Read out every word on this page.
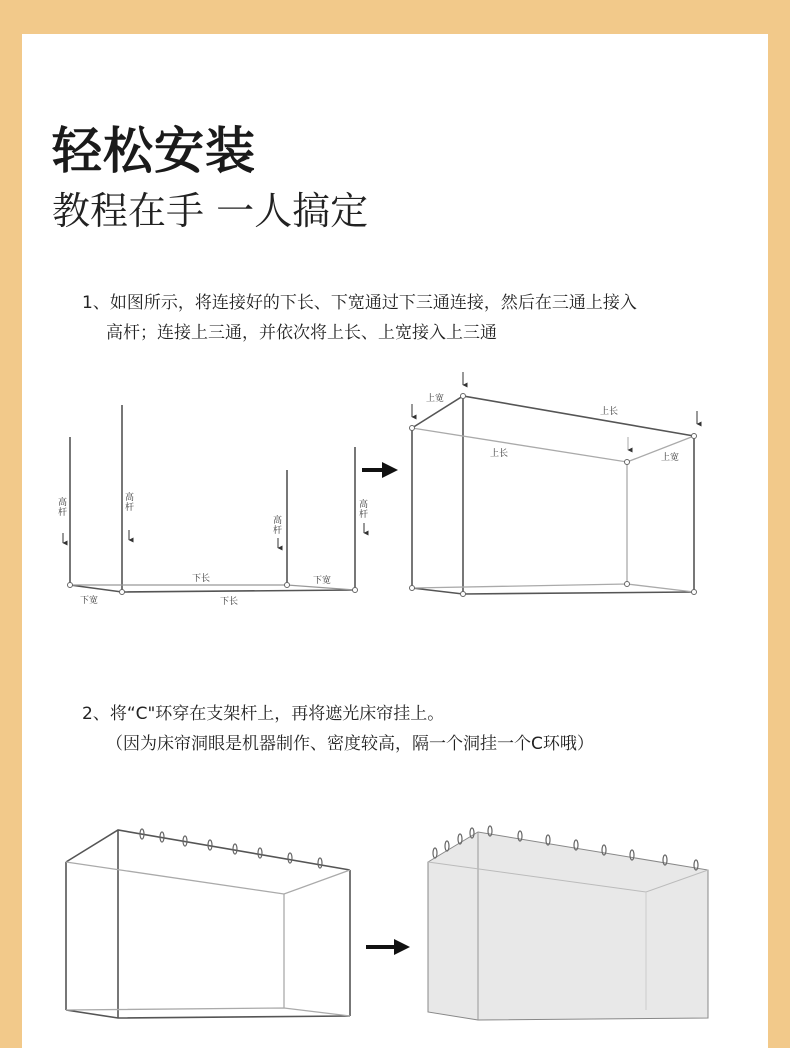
轻松安装
教程在手 一人搞定
1、如图所示，将连接好的下长、下宽通过下三通连接，然后在三通上接入
高杆；连接上三通，并依次将上长、上宽接入上三通
2、将“C"环穿在支架杆上，再将遮光床帘挂上。
（因为床帘洞眼是机器制作、密度较高，隔一个洞挂一个C环哦）
高杆
高杆
高杆
高杆
下长
下长
下宽
下宽
上宽
上长
上长	上宽
